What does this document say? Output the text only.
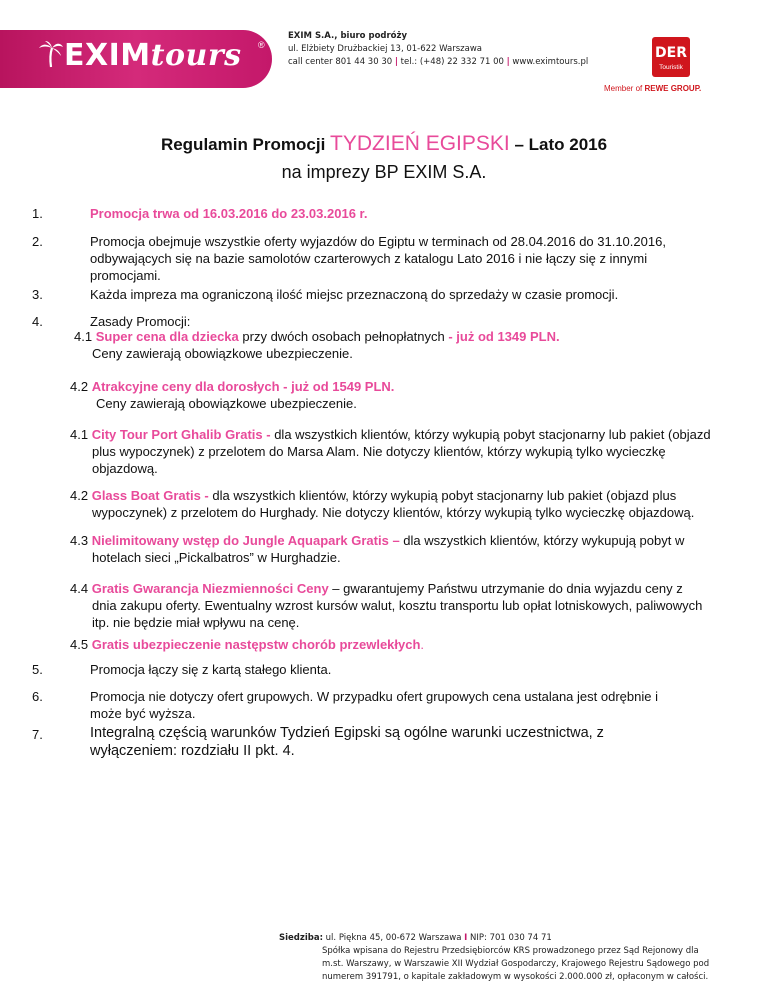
EXIMtours ®
EXIM S.A., biuro podróży
ul. Elżbiety Drużbackiej 13, 01-622 Warszawa
call center 801 44 30 30 | tel.: (+48) 22 332 71 00 | www.eximtours.pl
DER
Touristik
Member of REWE GROUP.
Regulamin Promocji TYDZIEŃ EGIPSKI – Lato 2016
na imprezy BP EXIM S.A.
1.	Promocja trwa od 16.03.2016 do 23.03.2016 r.
2.	Promocja obejmuje wszystkie oferty wyjazdów do Egiptu w terminach od 28.04.2016 do 31.10.2016, odbywających się na bazie samolotów czarterowych z katalogu Lato 2016 i nie łączy się z innymi promocjami.
3.	Każda impreza ma ograniczoną ilość miejsc przeznaczoną do sprzedaży w czasie promocji.
4.	Zasady Promocji:
4.1 Super cena dla dziecka przy dwóch osobach pełnopłatnych - już od 1349 PLN.
Ceny zawierają obowiązkowe ubezpieczenie.
4.2 Atrakcyjne ceny dla dorosłych - już od 1549 PLN.
Ceny zawierają obowiązkowe ubezpieczenie.
4.1 City Tour Port Ghalib Gratis - dla wszystkich klientów, którzy wykupią pobyt stacjonarny lub pakiet (objazd plus wypoczynek) z przelotem do Marsa Alam. Nie dotyczy klientów, którzy wykupią tylko wycieczkę objazdową.
4.2 Glass Boat Gratis - dla wszystkich klientów, którzy wykupią pobyt stacjonarny lub pakiet (objazd plus wypoczynek) z przelotem do Hurghady. Nie dotyczy klientów, którzy wykupią tylko wycieczkę objazdową.
4.3 Nielimitowany wstęp do Jungle Aquapark Gratis – dla wszystkich klientów, którzy wykupują pobyt w hotelach sieci „Pickalbatros” w Hurghadzie.
4.4 Gratis Gwarancja Niezmienności Ceny – gwarantujemy Państwu utrzymanie do dnia wyjazdu ceny z dnia zakupu oferty. Ewentualny wzrost kursów walut, kosztu transportu lub opłat lotniskowych, paliwowych itp. nie będzie miał wpływu na cenę.
4.5 Gratis ubezpieczenie następstw chorób przewlekłych.
5.	Promocja łączy się z kartą stałego klienta.
6.	Promocja nie dotyczy ofert grupowych. W przypadku ofert grupowych cena ustalana jest odrębnie i może być wyższa.
7.	Integralną częścią warunków Tydzień Egipski są ogólne warunki uczestnictwa, z wyłączeniem: rozdziału II pkt. 4.
Siedziba: ul. Piękna 45, 00-672 Warszawa I NIP: 701 030 74 71
Spółka wpisana do Rejestru Przedsiębiorców KRS prowadzonego przez Sąd Rejonowy dla
m.st. Warszawy, w Warszawie XII Wydział Gospodarczy, Krajowego Rejestru Sądowego pod
numerem 391791, o kapitale zakładowym w wysokości 2.000.000 zł, opłaconym w całości.
